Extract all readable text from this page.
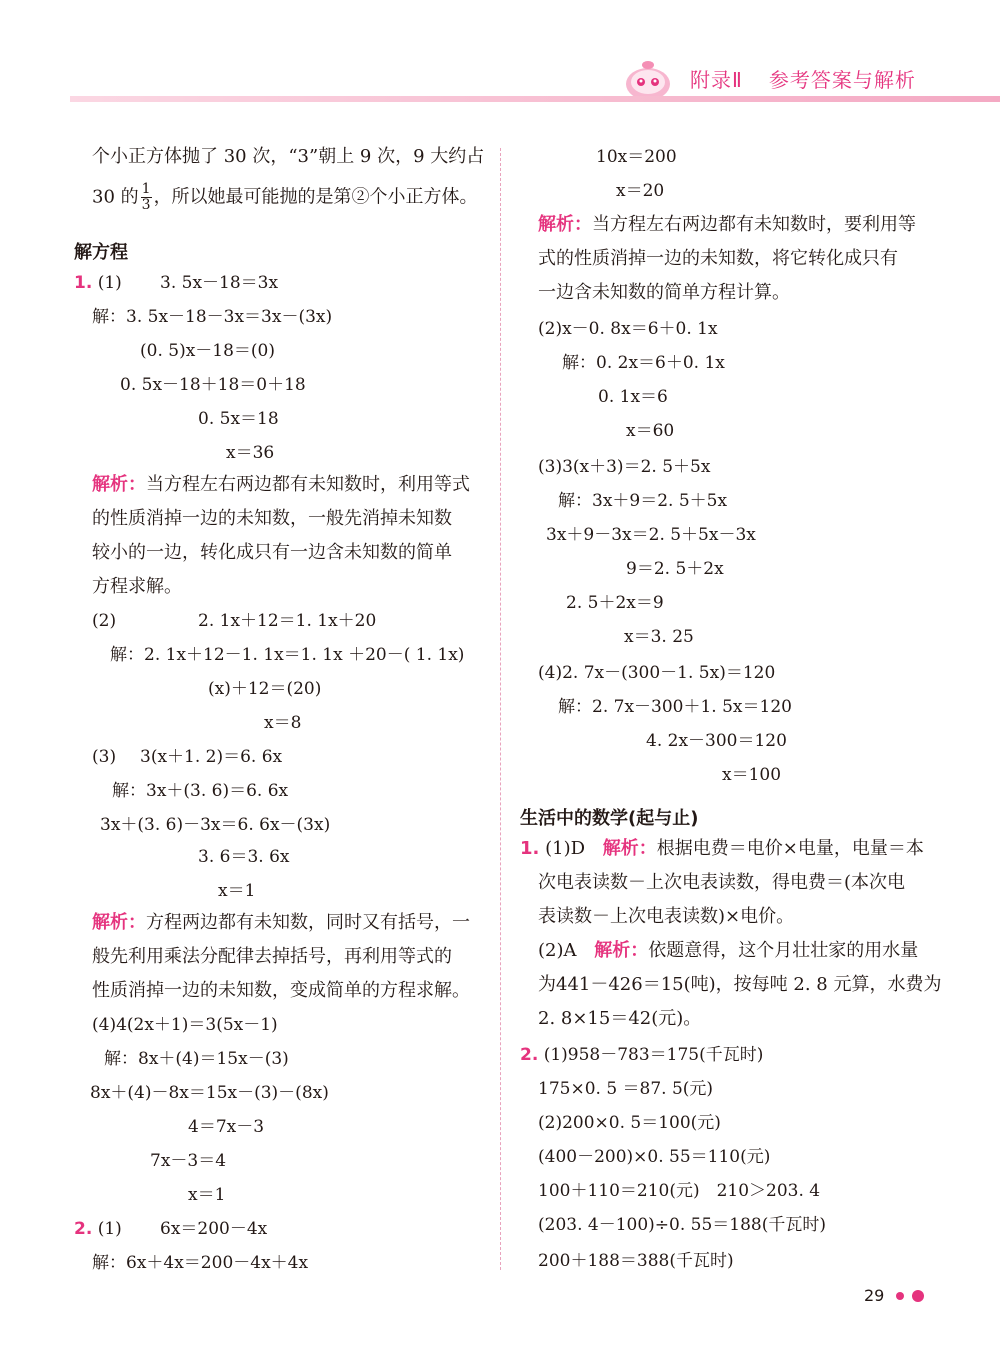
附录Ⅱ 参考答案与解析
个小正方体抛了 30 次，“3”朝上 9 次，9 大约占
30 的 $\frac{1}{3}$ ，所以她最可能抛的是第②个小正方体。
解方程
1. (1) 3. 5x－18＝3x
解：3. 5x－18－3x＝3x－(3x)
(0. 5)x－18＝(0)
0. 5x－18＋18＝0＋18
0. 5x＝18
x＝36
解析：当方程左右两边都有未知数时，利用等式
的性质消掉一边的未知数，一般先消掉未知数
较小的一边，转化成只有一边含未知数的简单
方程求解。
(2)	2. 1x＋12＝1. 1x＋20
解：2. 1x＋12－1. 1x＝1. 1x ＋20－( 1. 1x)
(x)＋12＝(20)
x＝8
(3) 3(x＋1. 2)＝6. 6x
解：3x＋(3. 6)＝6. 6x
3x＋(3. 6)－3x＝6. 6x－(3x)
3. 6＝3. 6x
x＝1
解析：方程两边都有未知数，同时又有括号，一
般先利用乘法分配律去掉括号，再利用等式的
性质消掉一边的未知数，变成简单的方程求解。
(4)4(2x＋1)＝3(5x－1)
解：8x＋(4)＝15x－(3)
8x＋(4)－8x＝15x－(3)－(8x)
4＝7x－3
7x－3＝4
x＝1
2. (1) 6x＝200－4x
解：6x＋4x＝200－4x＋4x
10x＝200
x＝20
解析：当方程左右两边都有未知数时，要利用等
式的性质消掉一边的未知数，将它转化成只有
一边含未知数的简单方程计算。
(2)x－0. 8x＝6＋0. 1x
解：0. 2x＝6＋0. 1x
0. 1x＝6
x＝60
(3)3(x＋3)＝2. 5＋5x
解：3x＋9＝2. 5＋5x
3x＋9－3x＝2. 5＋5x－3x
9＝2. 5＋2x
2. 5＋2x＝9
x＝3. 25
(4)2. 7x－(300－1. 5x)＝120
解：2. 7x－300＋1. 5x＝120
4. 2x－300＝120
x＝100
生活中的数学(起与止)
1. (1)D 解析：根据电费＝电价×电量，电量＝本
次电表读数－上次电表读数，得电费＝(本次电
表读数－上次电表读数)×电价。
(2)A 解析：依题意得，这个月壮壮家的用水量
为441－426＝15(吨)，按每吨 2. 8 元算，水费为
2. 8×15＝42(元)。
2. (1)958－783＝175(千瓦时)
175×0. 5 ＝87. 5(元)
(2)200×0. 5＝100(元)
(400－200)×0. 55＝110(元)
100＋110＝210(元)　210＞203. 4
(203. 4－100)÷0. 55＝188(千瓦时)
200＋188＝388(千瓦时)
29
